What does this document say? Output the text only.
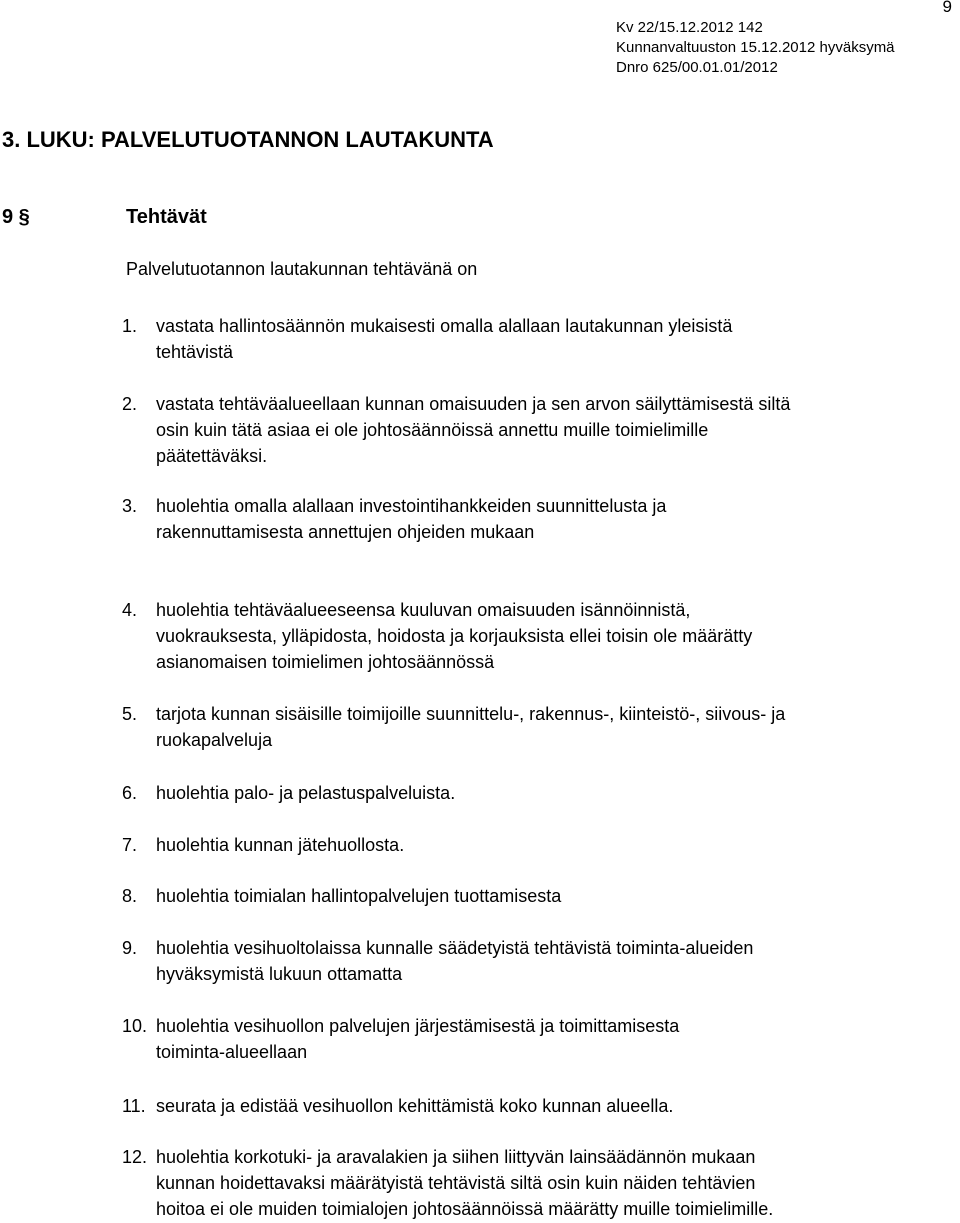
9
Kv 22/15.12.2012 142
Kunnanvaltuuston 15.12.2012 hyväksymä
Dnro 625/00.01.01/2012
3. LUKU: PALVELUTUOTANNON LAUTAKUNTA
9 §	Tehtävät
Palvelutuotannon lautakunnan tehtävänä on
1.	vastata hallintosäännön mukaisesti omalla alallaan lautakunnan yleisistä
tehtävistä
2.	vastata tehtäväalueellaan kunnan omaisuuden ja sen arvon säilyttämisestä siltä
osin kuin tätä asiaa ei ole johtosäännöissä annettu muille toimielimille
päätettäväksi.
3.	huolehtia omalla alallaan investointihankkeiden suunnittelusta ja
rakennuttamisesta annettujen ohjeiden mukaan
4.	huolehtia tehtäväalueeseensa kuuluvan omaisuuden isännöinnistä,
vuokrauksesta, ylläpidosta, hoidosta ja korjauksista ellei toisin ole määrätty
asianomaisen toimielimen johtosäännössä
5.	tarjota kunnan sisäisille toimijoille suunnittelu-, rakennus-, kiinteistö-, siivous- ja
ruokapalveluja
6.	huolehtia palo- ja pelastuspalveluista.
7.	huolehtia kunnan jätehuollosta.
8.	huolehtia toimialan hallintopalvelujen tuottamisesta
9.	huolehtia vesihuoltolaissa kunnalle säädetyistä tehtävistä toiminta-alueiden
hyväksymistä lukuun ottamatta
10. huolehtia vesihuollon palvelujen järjestämisestä ja toimittamisesta
toiminta-alueellaan
11. seurata ja edistää vesihuollon kehittämistä koko kunnan alueella.
12. huolehtia korkotuki- ja aravalakien ja siihen liittyvän lainsäädännön mukaan
kunnan hoidettavaksi määrätyistä tehtävistä siltä osin kuin näiden tehtävien
hoitoa ei ole muiden toimialojen johtosäännöissä määrätty muille toimielimille.
